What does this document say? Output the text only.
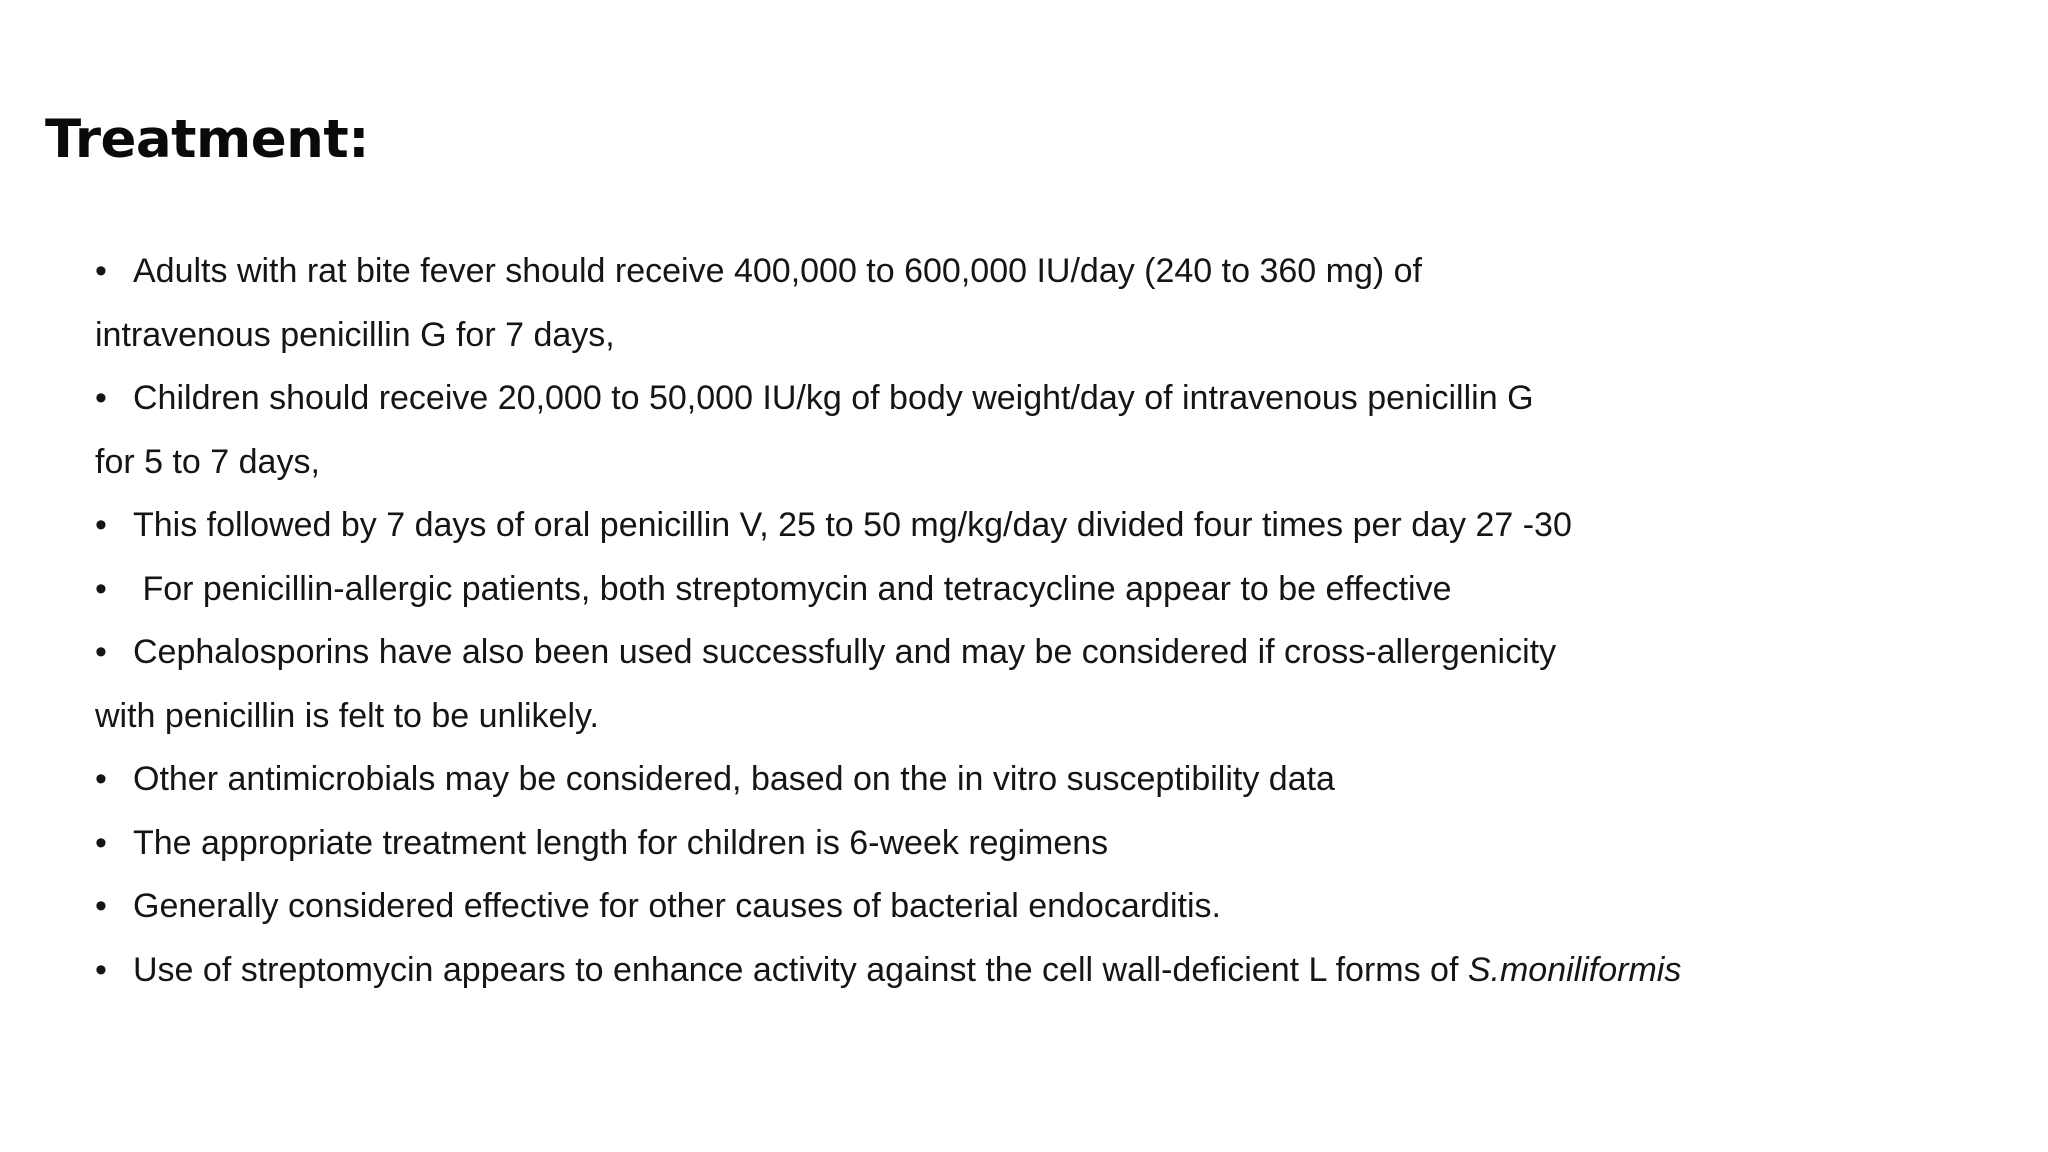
Treatment:
• Adults with rat bite fever should receive 400,000 to 600,000 IU/day (240 to 360 mg) of
intravenous penicillin G for 7 days,
• Children should receive 20,000 to 50,000 IU/kg of body weight/day of intravenous penicillin G
for 5 to 7 days,
• This followed by 7 days of oral penicillin V, 25 to 50 mg/kg/day divided four times per day 27 -30
• For penicillin-allergic patients, both streptomycin and tetracycline appear to be effective
• Cephalosporins have also been used successfully and may be considered if cross-allergenicity
with penicillin is felt to be unlikely.
• Other antimicrobials may be considered, based on the in vitro susceptibility data
• The appropriate treatment length for children is 6-week regimens
• Generally considered effective for other causes of bacterial endocarditis.
• Use of streptomycin appears to enhance activity against the cell wall-deficient L forms of S.moniliformis
